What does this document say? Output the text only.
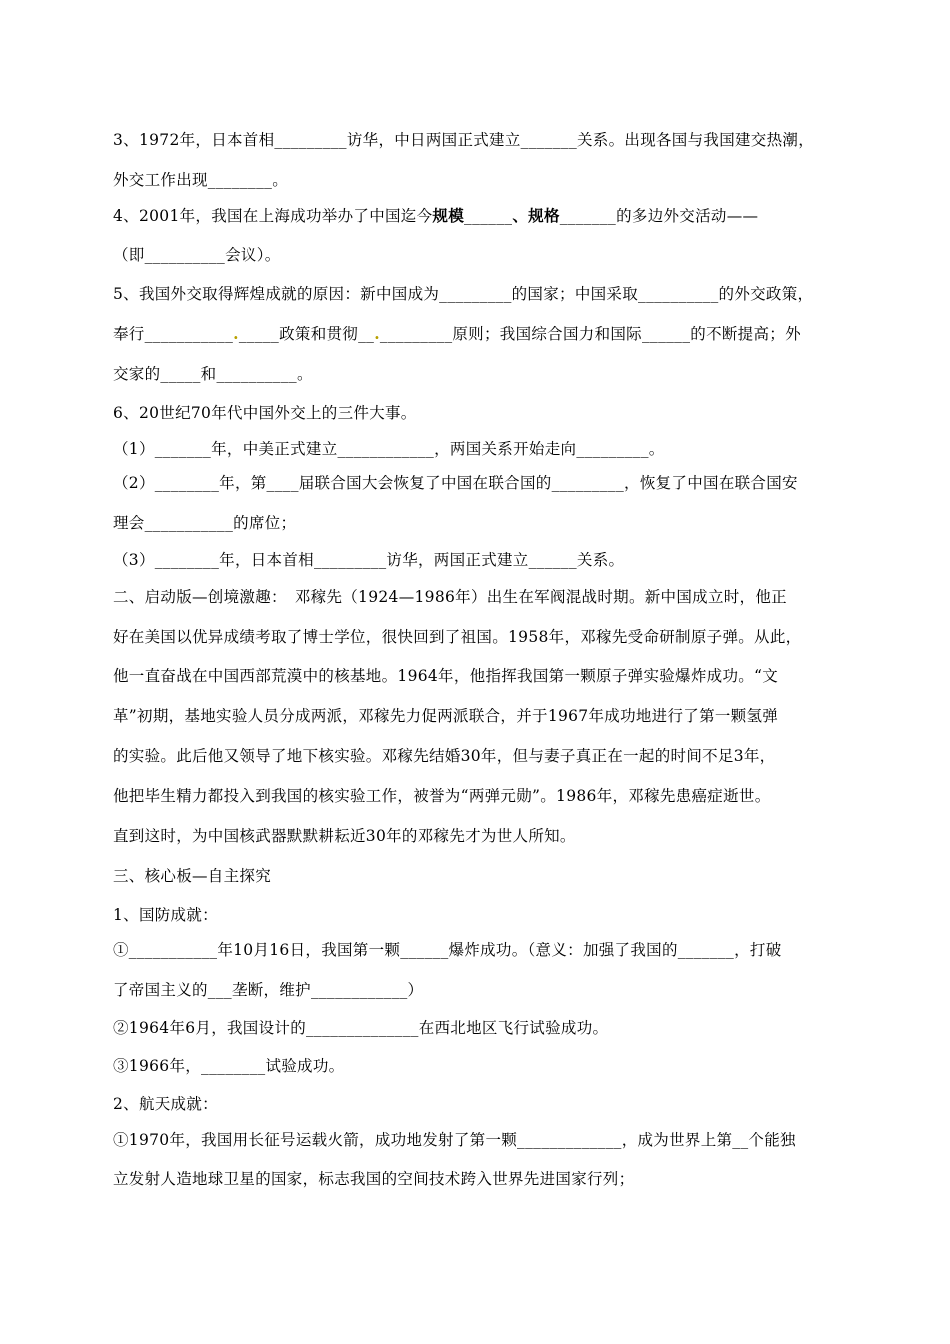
3、1972年，日本首相_________访华，中日两国正式建立_______关系。出现各国与我国建交热潮，
外交工作出现________。
4、2001年，我国在上海成功举办了中国迄今规模______、规格_______的多边外交活动——
（即__________会议）。
5、我国外交取得辉煌成就的原因：新中国成为_________的国家；中国采取__________的外交政策，
奉行___________._____政策和贯彻__._________原则；我国综合国力和国际______的不断提高；外
交家的_____和__________。
6、20世纪70年代中国外交上的三件大事。
（1）_______年，中美正式建立____________，两国关系开始走向_________。
（2）________年，第____届联合国大会恢复了中国在联合国的_________，恢复了中国在联合国安
理会___________的席位；
（3）________年，日本首相_________访华，两国正式建立______关系。
二、启动版—创境激趣：　邓稼先（1924—1986年）出生在军阀混战时期。新中国成立时，他正
好在美国以优异成绩考取了博士学位，很快回到了祖国。1958年，邓稼先受命研制原子弹。从此，
他一直奋战在中国西部荒漠中的核基地。1964年，他指挥我国第一颗原子弹实验爆炸成功。“文
革”初期，基地实验人员分成两派，邓稼先力促两派联合，并于1967年成功地进行了第一颗氢弹
的实验。此后他又领导了地下核实验。邓稼先结婚30年，但与妻子真正在一起的时间不足3年，
他把毕生精力都投入到我国的核实验工作，被誉为“两弹元勋”。1986年，邓稼先患癌症逝世。
直到这时，为中国核武器默默耕耘近30年的邓稼先才为世人所知。
三、核心板—自主探究
1、国防成就：
①___________年10月16日，我国第一颗______爆炸成功。（意义：加强了我国的_______，打破
了帝国主义的___垄断，维护____________）
②1964年6月，我国设计的______________在西北地区飞行试验成功。
③1966年，________试验成功。
2、航天成就：
①1970年，我国用长征号运载火箭，成功地发射了第一颗_____________，成为世界上第__个能独
立发射人造地球卫星的国家，标志我国的空间技术跨入世界先进国家行列；
